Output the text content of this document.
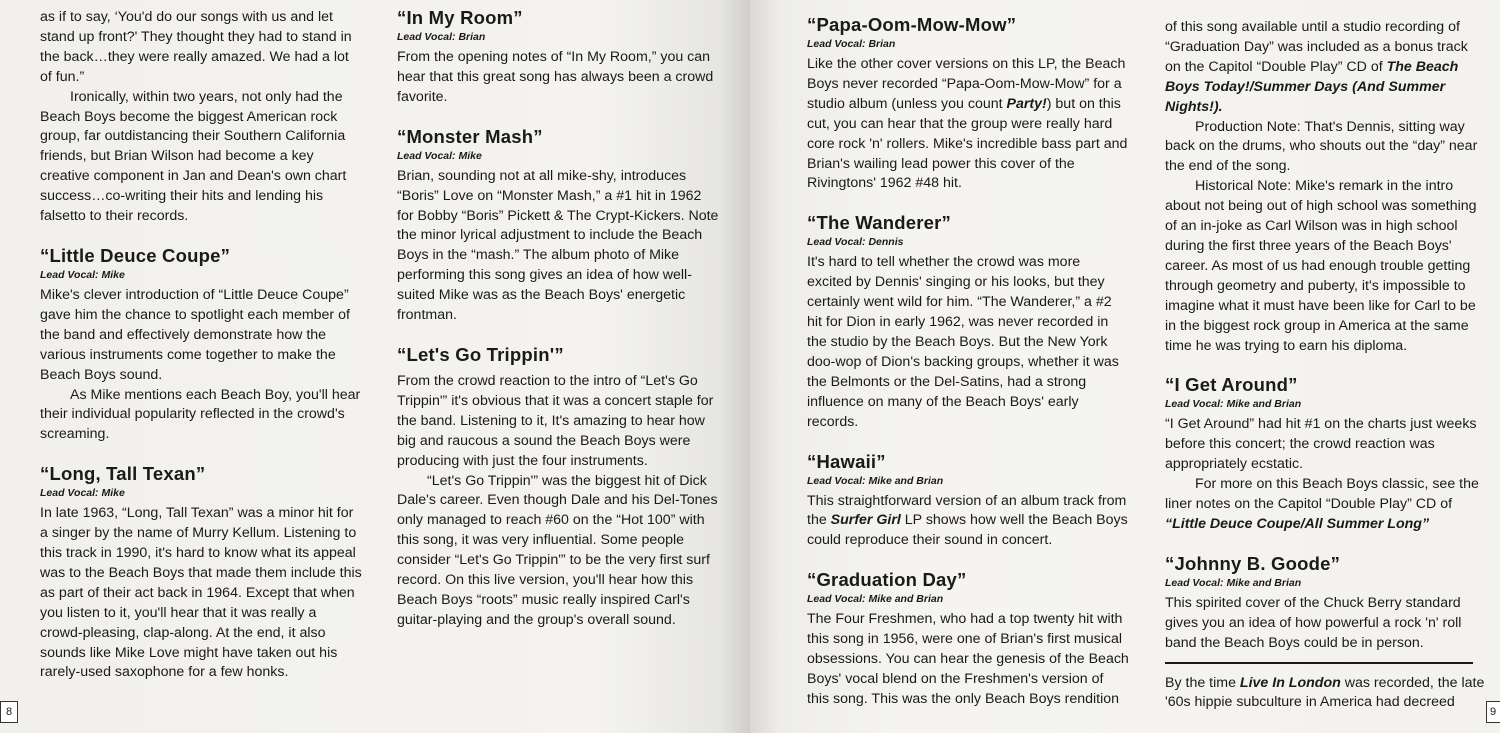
as if to say, ‘You'd do our songs with us and let stand up front?' They thought they had to stand in the back…they were really amazed. We had a lot of fun.”

Ironically, within two years, not only had the Beach Boys become the biggest American rock group, far outdistancing their Southern California friends, but Brian Wilson had become a key creative component in Jan and Dean's own chart success…co-writing their hits and lending his falsetto to their records.

“Little Deuce Coupe”
Lead Vocal: Mike

Mike's clever introduction of “Little Deuce Coupe” gave him the chance to spotlight each member of the band and effectively demonstrate how the various instruments come together to make the Beach Boys sound.

As Mike mentions each Beach Boy, you'll hear their individual popularity reflected in the crowd's screaming.

“Long, Tall Texan”
Lead Vocal: Mike

In late 1963, “Long, Tall Texan” was a minor hit for a singer by the name of Murry Kellum. Listening to this track in 1990, it's hard to know what its appeal was to the Beach Boys that made them include this as part of their act back in 1964. Except that when you listen to it, you'll hear that it was really a crowd-pleasing, clap-along. At the end, it also sounds like Mike Love might have taken out his rarely-used saxophone for a few honks.

“In My Room”
Lead Vocal: Brian

From the opening notes of “In My Room,” you can hear that this great song has always been a crowd favorite.

“Monster Mash”
Lead Vocal: Mike

Brian, sounding not at all mike-shy, introduces “Boris” Love on “Monster Mash,” a #1 hit in 1962 for Bobby “Boris” Pickett & The Crypt-Kickers. Note the minor lyrical adjustment to include the Beach Boys in the “mash.” The album photo of Mike performing this song gives an idea of how well-suited Mike was as the Beach Boys' energetic frontman.

“Let's Go Trippin'”

From the crowd reaction to the intro of “Let's Go Trippin'” it's obvious that it was a concert staple for the band. Listening to it, It's amazing to hear how big and raucous a sound the Beach Boys were producing with just the four instruments.

“Let's Go Trippin'” was the biggest hit of Dick Dale's career. Even though Dale and his Del-Tones only managed to reach #60 on the “Hot 100” with this song, it was very influential. Some people consider “Let's Go Trippin'” to be the very first surf record. On this live version, you'll hear how this Beach Boys “roots” music really inspired Carl's guitar-playing and the group's overall sound.

8
“Papa-Oom-Mow-Mow”
Lead Vocal: Brian

Like the other cover versions on this LP, the Beach Boys never recorded “Papa-Oom-Mow-Mow” for a studio album (unless you count Party!) but on this cut, you can hear that the group were really hard core rock 'n' rollers. Mike's incredible bass part and Brian's wailing lead power this cover of the Rivingtons' 1962 #48 hit.

“The Wanderer”
Lead Vocal: Dennis

It's hard to tell whether the crowd was more excited by Dennis' singing or his looks, but they certainly went wild for him. “The Wanderer,” a #2 hit for Dion in early 1962, was never recorded in the studio by the Beach Boys. But the New York doo-wop of Dion's backing groups, whether it was the Belmonts or the Del-Satins, had a strong influence on many of the Beach Boys' early records.

“Hawaii”
Lead Vocal: Mike and Brian

This straightforward version of an album track from the Surfer Girl LP shows how well the Beach Boys could reproduce their sound in concert.

“Graduation Day”
Lead Vocal: Mike and Brian

The Four Freshmen, who had a top twenty hit with this song in 1956, were one of Brian's first musical obsessions. You can hear the genesis of the Beach Boys' vocal blend on the Freshmen's version of this song. This was the only Beach Boys rendition

of this song available until a studio recording of “Graduation Day” was included as a bonus track on the Capitol “Double Play” CD of The Beach Boys Today!/Summer Days (And Summer Nights!).

Production Note: That's Dennis, sitting way back on the drums, who shouts out the “day” near the end of the song.

Historical Note: Mike's remark in the intro about not being out of high school was something of an in-joke as Carl Wilson was in high school during the first three years of the Beach Boys' career. As most of us had enough trouble getting through geometry and puberty, it's impossible to imagine what it must have been like for Carl to be in the biggest rock group in America at the same time he was trying to earn his diploma.

“I Get Around”
Lead Vocal: Mike and Brian

“I Get Around” had hit #1 on the charts just weeks before this concert; the crowd reaction was appropriately ecstatic.

For more on this Beach Boys classic, see the liner notes on the Capitol “Double Play” CD of “Little Deuce Coupe/All Summer Long”

“Johnny B. Goode”
Lead Vocal: Mike and Brian

This spirited cover of the Chuck Berry standard gives you an idea of how powerful a rock 'n' roll band the Beach Boys could be in person.

By the time Live In London was recorded, the late '60s hippie subculture in America had decreed

9
